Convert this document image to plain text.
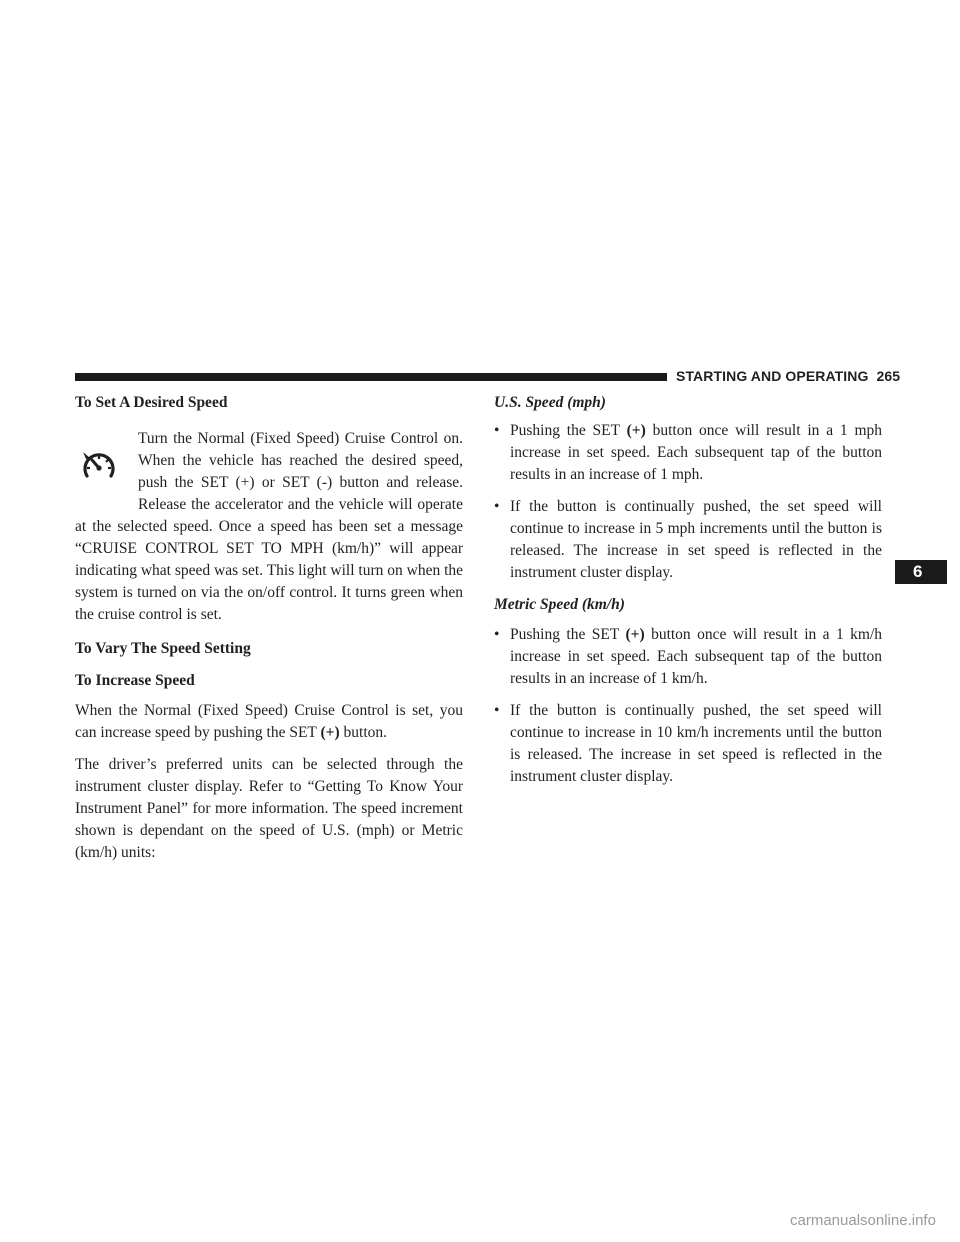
STARTING AND OPERATING 265
To Set A Desired Speed

Turn the Normal (Fixed Speed) Cruise Control on. When the vehicle has reached the desired speed, push the SET (+) or SET (-) button and release. Release the accelerator and the vehicle will operate at the selected speed. Once a speed has been set a message “CRUISE CONTROL SET TO MPH (km/h)” will appear indicating what speed was set. This light will turn on when the system is turned on via the on/off control. It turns green when the cruise control is set.

To Vary The Speed Setting
To Increase Speed

When the Normal (Fixed Speed) Cruise Control is set, you can increase speed by pushing the SET (+) button.

The driver’s preferred units can be selected through the instrument cluster display. Refer to “Getting To Know Your Instrument Panel” for more information. The speed increment shown is dependant on the speed of U.S. (mph) or Metric (km/h) units:

U.S. Speed (mph)
• Pushing the SET (+) button once will result in a 1 mph increase in set speed. Each subsequent tap of the button results in an increase of 1 mph.
• If the button is continually pushed, the set speed will continue to increase in 5 mph increments until the button is released. The increase in set speed is reflected in the instrument cluster display.
Metric Speed (km/h)
• Pushing the SET (+) button once will result in a 1 km/h increase in set speed. Each subsequent tap of the button results in an increase of 1 km/h.
• If the button is continually pushed, the set speed will continue to increase in 10 km/h increments until the button is released. The increase in set speed is reflected in the instrument cluster display.
6
carmanualsonline.info
